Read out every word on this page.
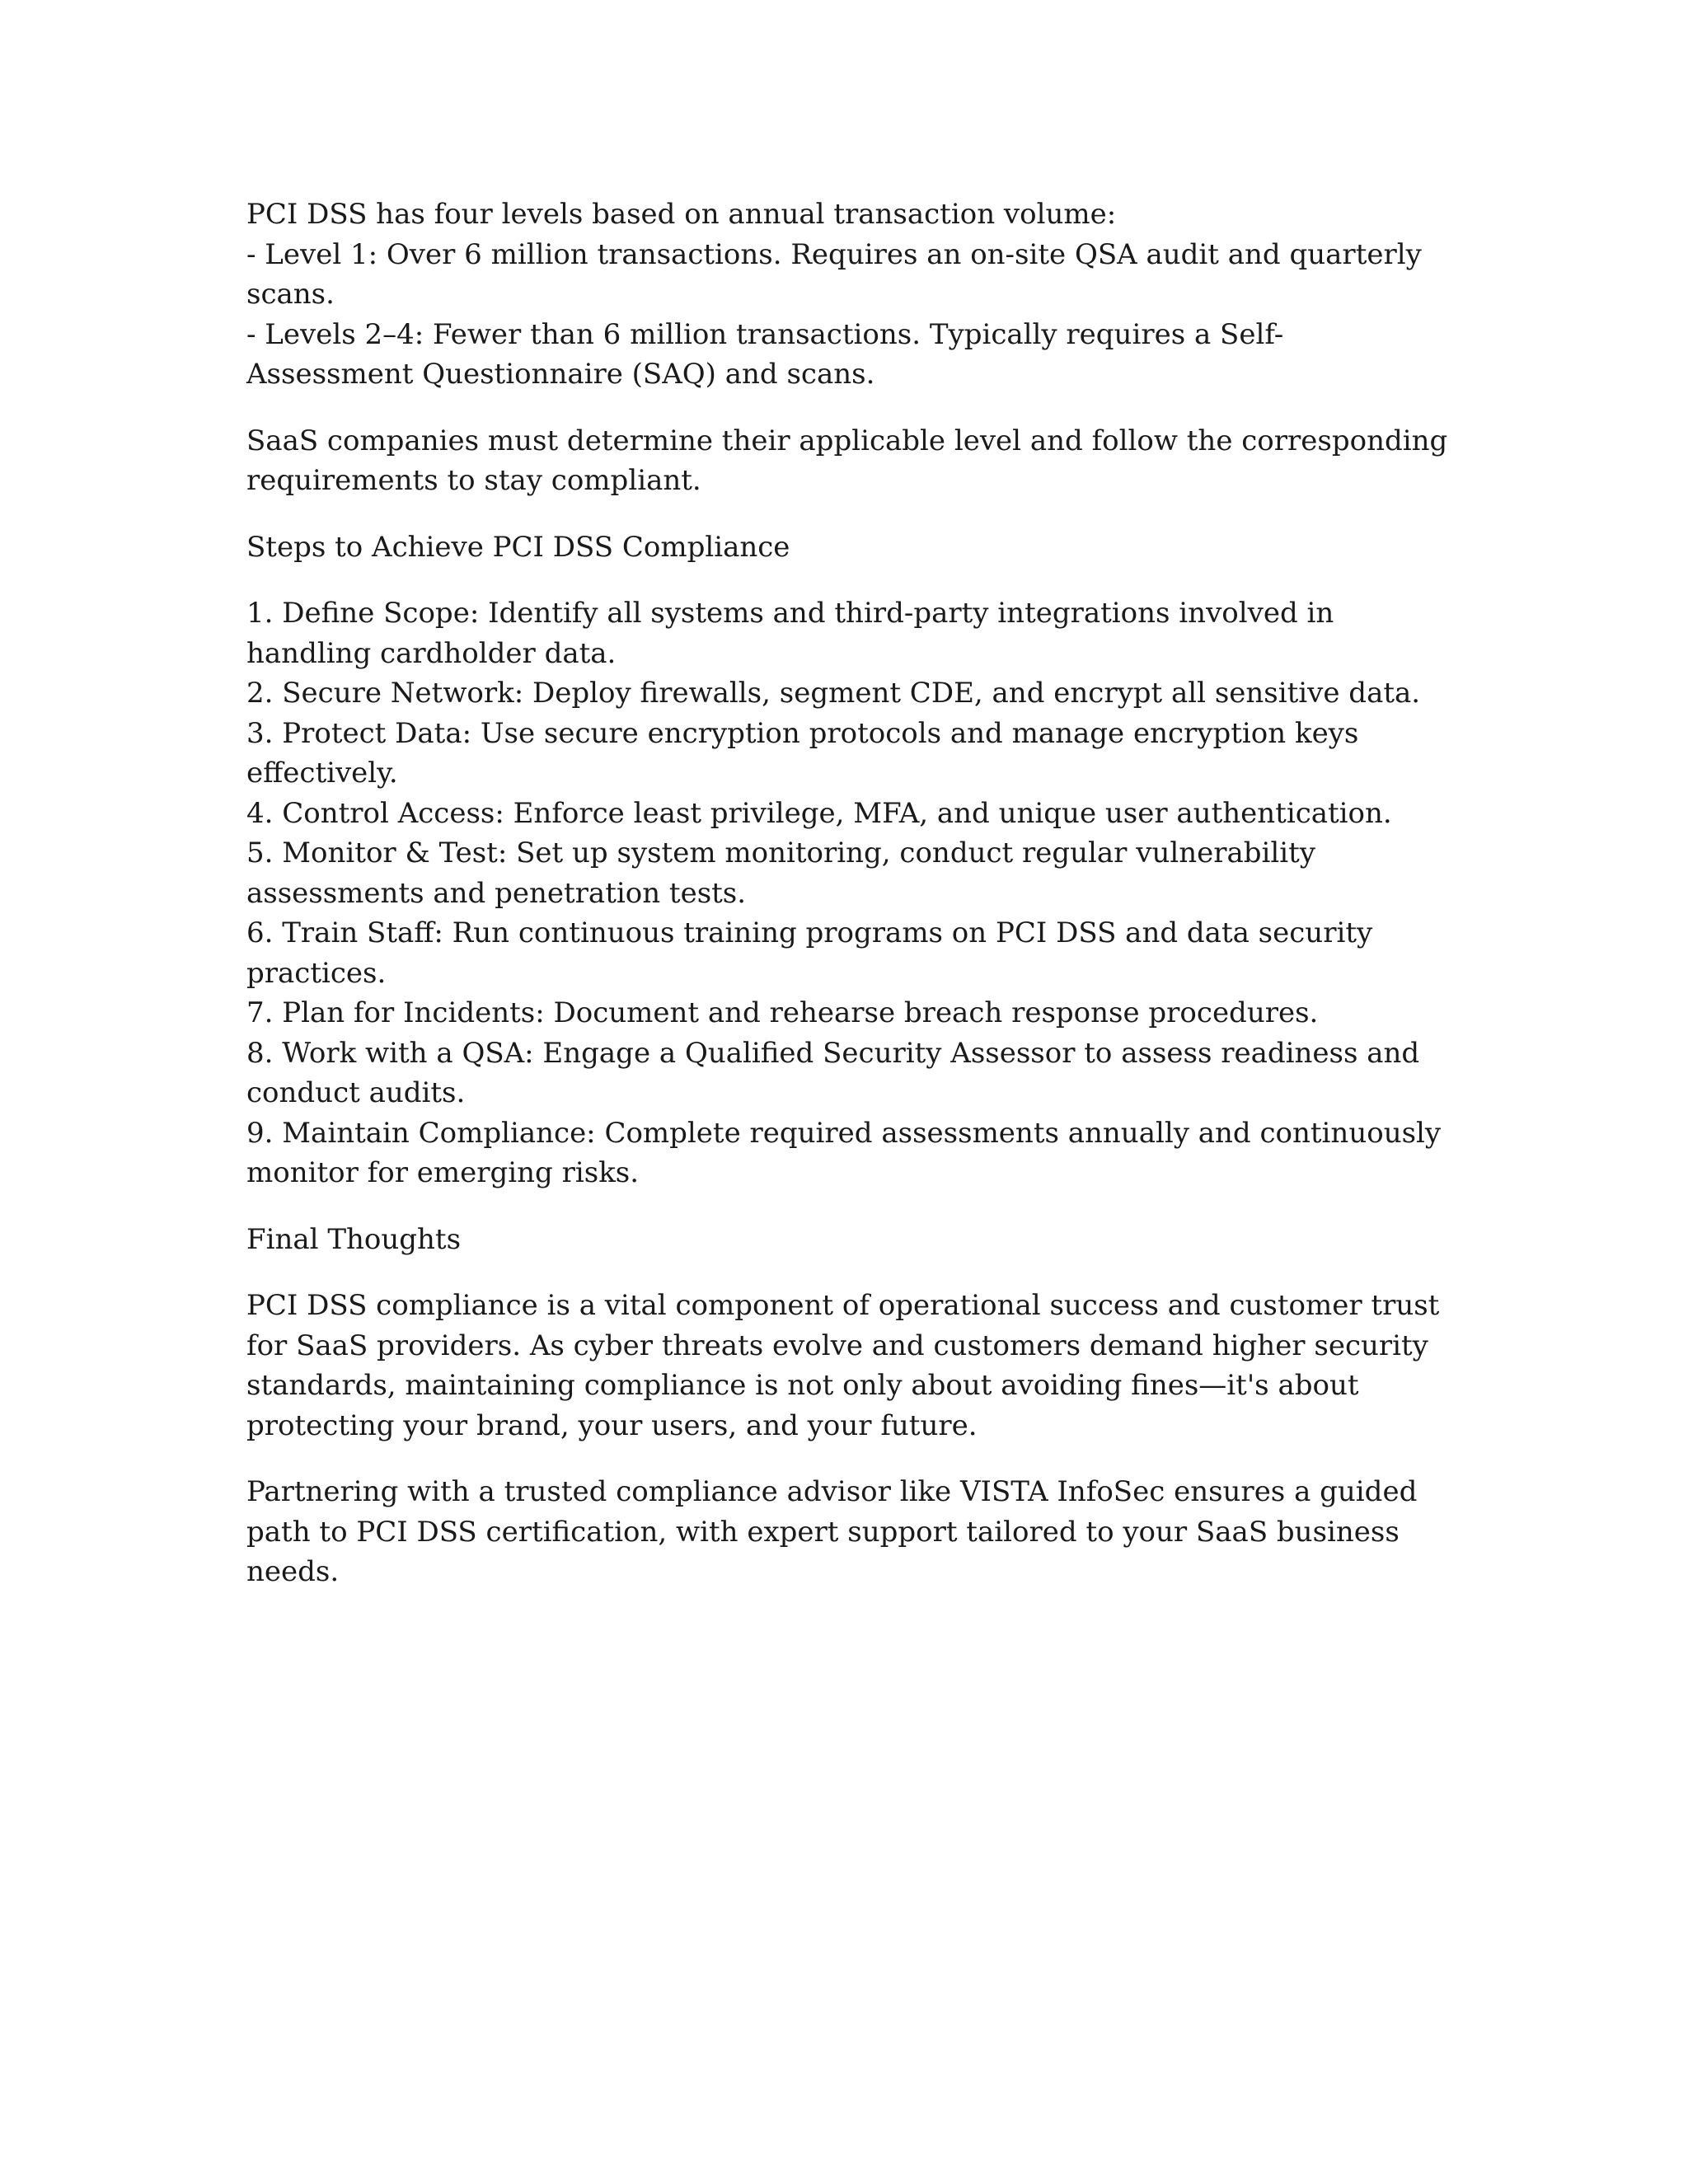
PCI DSS has four levels based on annual transaction volume:
- Level 1: Over 6 million transactions. Requires an on-site QSA audit and quarterly scans.
- Levels 2–4: Fewer than 6 million transactions. Typically requires a Self-Assessment Questionnaire (SAQ) and scans.

SaaS companies must determine their applicable level and follow the corresponding requirements to stay compliant.

Steps to Achieve PCI DSS Compliance

1. Define Scope: Identify all systems and third-party integrations involved in handling cardholder data.
2. Secure Network: Deploy firewalls, segment CDE, and encrypt all sensitive data.
3. Protect Data: Use secure encryption protocols and manage encryption keys effectively.
4. Control Access: Enforce least privilege, MFA, and unique user authentication.
5. Monitor & Test: Set up system monitoring, conduct regular vulnerability assessments and penetration tests.
6. Train Staff: Run continuous training programs on PCI DSS and data security practices.
7. Plan for Incidents: Document and rehearse breach response procedures.
8. Work with a QSA: Engage a Qualified Security Assessor to assess readiness and conduct audits.
9. Maintain Compliance: Complete required assessments annually and continuously monitor for emerging risks.

Final Thoughts

PCI DSS compliance is a vital component of operational success and customer trust for SaaS providers. As cyber threats evolve and customers demand higher security standards, maintaining compliance is not only about avoiding fines—it's about protecting your brand, your users, and your future.

Partnering with a trusted compliance advisor like VISTA InfoSec ensures a guided path to PCI DSS certification, with expert support tailored to your SaaS business needs.
